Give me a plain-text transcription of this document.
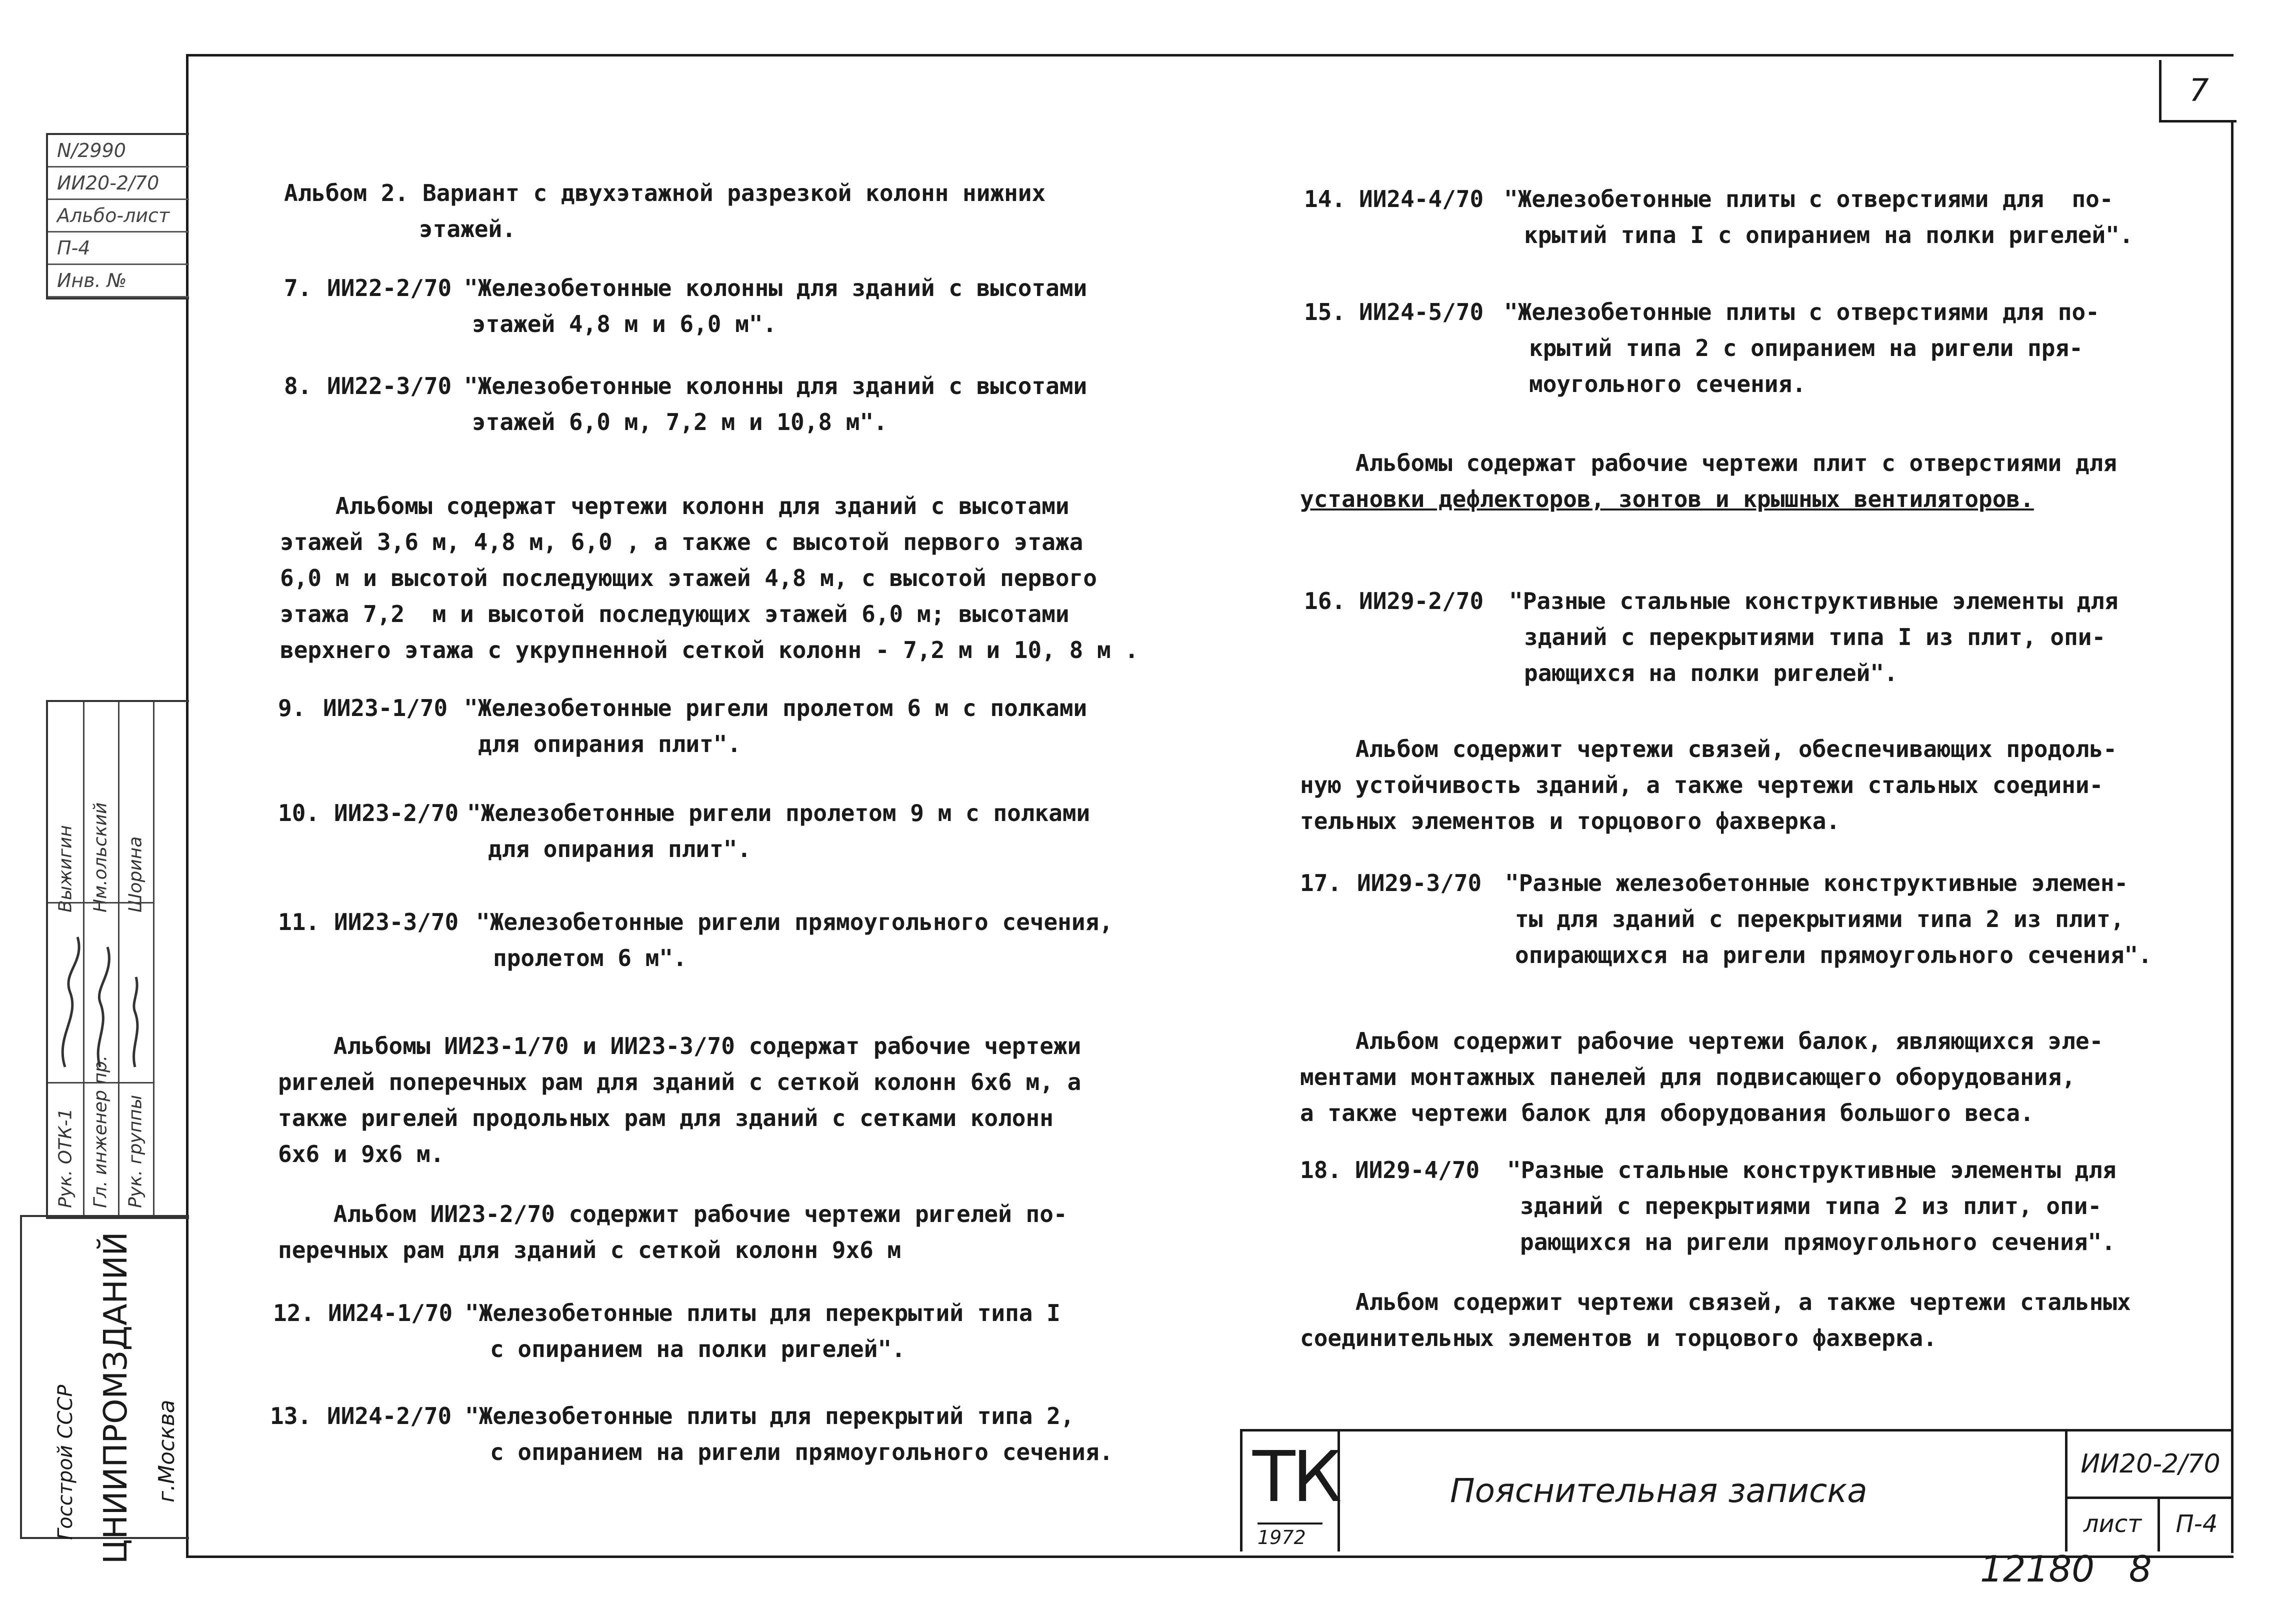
7
N/2990
ИИ20-2/70
Альбо-лист
П-4
Инв. №
Рук. ОТК-1 Гл. инженер пр. Рук. группы
Выжигин Нм.ольский Шорина
Госстрой СССР ЦНИИПРОМЗДАНИЙ г.Москва

Альбом 2. Вариант с двухэтажной разрезкой колонн нижних

этажей.

7. ИИ22-2/70 "Железобетонные колонны для зданий с высотами
этажей 4,8 м и 6,0 м".
8. ИИ22-3/70 "Железобетонные колонны для зданий с высотами
этажей 6,0 м, 7,2 м и 10,8 м".

Альбомы содержат чертежи колонн для зданий с высотами

этажей 3,6 м, 4,8 м, 6,0 , а также с высотой первого этажа

6,0 м и высотой последующих этажей 4,8 м, с высотой первого

этажа 7,2  м и высотой последующих этажей 6,0 м; высотами

верхнего этажа с укрупненной сеткой колонн - 7,2 м и 10, 8 м .

9. ИИ23-1/70 "Железобетонные ригели пролетом 6 м с полками
для опирания плит".
10. ИИ23-2/70 "Железобетонные ригели пролетом 9 м с полками
для опирания плит".
11. ИИ23-3/70 "Железобетонные ригели прямоугольного сечения,
пролетом 6 м".

Альбомы ИИ23-1/70 и ИИ23-3/70 содержат рабочие чертежи

ригелей поперечных рам для зданий с сеткой колонн 6х6 м, а

также ригелей продольных рам для зданий с сетками колонн

6х6 и 9х6 м.

Альбом ИИ23-2/70 содержит рабочие чертежи ригелей по-

перечных рам для зданий с сеткой колонн 9х6 м

12. ИИ24-1/70 "Железобетонные плиты для перекрытий типа I
с опиранием на полки ригелей".
13. ИИ24-2/70 "Железобетонные плиты для перекрытий типа 2,
с опиранием на ригели прямоугольного сечения.
14. ИИ24-4/70 "Железобетонные плиты с отверстиями для  по-
крытий типа I с опиранием на полки ригелей".
15. ИИ24-5/70 "Железобетонные плиты с отверстиями для по-
крытий типа 2 с опиранием на ригели пря-
моугольного сечения.

Альбомы содержат рабочие чертежи плит с отверстиями для

установки дефлекторов, зонтов и крышных вентиляторов.

16. ИИ29-2/70 "Разные стальные конструктивные элементы для
зданий с перекрытиями типа I из плит, опи-
рающихся на полки ригелей".

Альбом содержит чертежи связей, обеспечивающих продоль-

ную устойчивость зданий, а также чертежи стальных соедини-

тельных элементов и торцового фахверка.

17. ИИ29-3/70 "Разные железобетонные конструктивные элемен-
ты для зданий с перекрытиями типа 2 из плит,
опирающихся на ригели прямоугольного сечения".

Альбом содержит рабочие чертежи балок, являющихся эле-

ментами монтажных панелей для подвисающего оборудования,

а также чертежи балок для оборудования большого веса.

18. ИИ29-4/70 "Разные стальные конструктивные элементы для
зданий с перекрытиями типа 2 из плит, опи-
рающихся на ригели прямоугольного сечения".

Альбом содержит чертежи связей, а также чертежи стальных

соединительных элементов и торцового фахверка.

ТК
1972
Пояснительная записка
ИИ20-2/70
лист	П-4
12180 8
